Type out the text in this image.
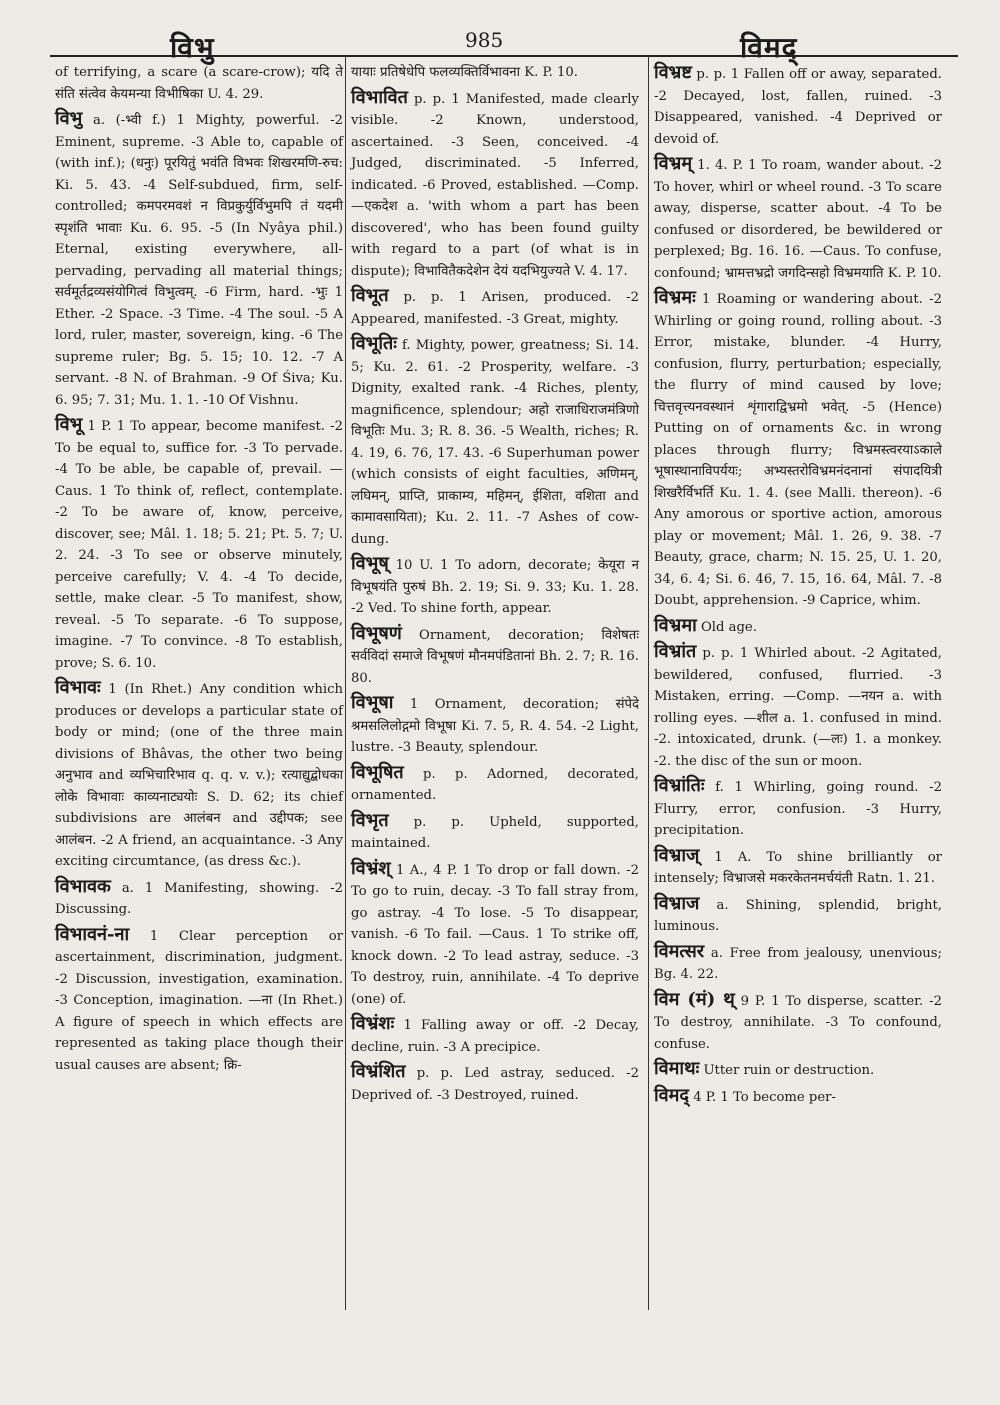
विभु	985	विमद्

of terrifying, a scare (a scare-crow); यदि ते संति संत्वेव केयमन्या विभीषिका U. 4. 29.

विभु a. (-भ्वी f.) 1 Mighty, powerful. -2 Eminent, supreme. -3 Able to, capable of (with inf.); (धनुः) पूरयितुं भवंति विभवः शिखरमणि-रुच: Ki. 5. 43. -4 Self-subdued, firm, self-controlled; कमपरमवशं न विप्रकुर्युर्विभुमपि तं यदमी स्पृशंति भावाः Ku. 6. 95. -5 (In Nyâya phil.) Eternal, existing everywhere, all-pervading, pervading all material things; सर्वमूर्तद्रव्यसंयोगित्वं विभुत्वम्. -6 Firm, hard. -भुः 1 Ether. -2 Space. -3 Time. -4 The soul. -5 A lord, ruler, master, sovereign, king. -6 The supreme ruler; Bg. 5. 15; 10. 12. -7 A servant. -8 N. of Brahman. -9 Of Śiva; Ku. 6. 95; 7. 31; Mu. 1. 1. -10 Of Vishnu.

विभू 1 P. 1 To appear, become manifest. -2 To be equal to, suffice for. -3 To pervade. -4 To be able, be capable of, prevail. —Caus. 1 To think of, reflect, contemplate. -2 To be aware of, know, perceive, discover, see; Mâl. 1. 18; 5. 21; Pt. 5. 7; U. 2. 24. -3 To see or observe minutely, perceive carefully; V. 4. -4 To decide, settle, make clear. -5 To manifest, show, reveal. -5 To separate. -6 To suppose, imagine. -7 To convince. -8 To establish, prove; S. 6. 10.

विभावः 1 (In Rhet.) Any condition which produces or develops a particular state of body or mind; (one of the three main divisions of Bhâvas, the other two being अनुभाव and व्यभिचारिभाव q. q. v. v.); रत्याद्युद्बोधका लोके विभावाः काव्यनाट्ययोः S. D. 62; its chief subdivisions are आलंबन and उद्दीपक; see आलंबन. -2 A friend, an acquaintance. -3 Any exciting circumtance, (as dress &c.).

विभावक a. 1 Manifesting, showing. -2 Discussing.

विभावनं-ना 1 Clear perception or ascertainment, discrimination, judgment. -2 Discussion, investigation, examination. -3 Conception, imagination. —ना (In Rhet.) A figure of speech in which effects are represented as taking place though their usual causes are absent; क्रि-

यायाः प्रतिषेधेपि फलव्यक्तिर्विभावना K. P. 10.

विभावित p. p. 1 Manifested, made clearly visible. -2 Known, understood, ascertained. -3 Seen, conceived. -4 Judged, discriminated. -5 Inferred, indicated. -6 Proved, established. —Comp. —एकदेश a. 'with whom a part has been discovered', who has been found guilty with regard to a part (of what is in dispute); विभावितैकदेशेन देयं यदभियुज्यते V. 4. 17.

विभूत p. p. 1 Arisen, produced. -2 Appeared, manifested. -3 Great, mighty.

विभूतिः f. Mighty, power, greatness; Si. 14. 5; Ku. 2. 61. -2 Prosperity, welfare. -3 Dignity, exalted rank. -4 Riches, plenty, magnificence, splendour; अहो राजाधिराजमंत्रिणो विभूतिः Mu. 3; R. 8. 36. -5 Wealth, riches; R. 4. 19, 6. 76, 17. 43. -6 Superhuman power (which consists of eight faculties, अणिमन्, लघिमन्, प्राप्ति, प्राकाम्य, महिमन्, ईशिता, वशिता and कामावसायिता); Ku. 2. 11. -7 Ashes of cow-dung.

विभूष् 10 U. 1 To adorn, decorate; केयूरा न विभूषयंति पुरुषं Bh. 2. 19; Si. 9. 33; Ku. 1. 28. -2 Ved. To shine forth, appear.

विभूषणं Ornament, decoration; विशेषतः सर्वविदां समाजे विभूषणं मौनमपंडितानां Bh. 2. 7; R. 16. 80.

विभूषा 1 Ornament, decoration; संपेदे श्रमसलिलोद्गमो विभूषा Ki. 7. 5, R. 4. 54. -2 Light, lustre. -3 Beauty, splendour.

विभूषित p. p. Adorned, decorated, ornamented.

विभृत p. p. Upheld, supported, maintained.

विभ्रंश् 1 A., 4 P. 1 To drop or fall down. -2 To go to ruin, decay. -3 To fall stray from, go astray. -4 To lose. -5 To disappear, vanish. -6 To fail. —Caus. 1 To strike off, knock down. -2 To lead astray, seduce. -3 To destroy, ruin, annihilate. -4 To deprive (one) of.

विभ्रंशः 1 Falling away or off. -2 Decay, decline, ruin. -3 A precipice.

विभ्रंशित p. p. Led astray, seduced. -2 Deprived of. -3 Destroyed, ruined.

विभ्रष्ट p. p. 1 Fallen off or away, separated. -2 Decayed, lost, fallen, ruined. -3 Disappeared, vanished. -4 Deprived or devoid of.

विभ्रम् 1. 4. P. 1 To roam, wander about. -2 To hover, whirl or wheel round. -3 To scare away, disperse, scatter about. -4 To be confused or disordered, be bewildered or perplexed; Bg. 16. 16. —Caus. To confuse, confound; भ्रामत्तभ्रद्रो जगदिन्सहो विभ्रमयाति K. P. 10.

विभ्रमः 1 Roaming or wandering about. -2 Whirling or going round, rolling about. -3 Error, mistake, blunder. -4 Hurry, confusion, flurry, perturbation; especially, the flurry of mind caused by love; चित्तवृत्त्यनवस्थानं शृंगाराद्विभ्रमो भवेत्. -5 (Hence) Putting on of ornaments &c. in wrong places through flurry; विभ्रमस्त्वरयाऽकाले भूषास्थानाविपर्ययः; अभ्यस्तरोविभ्रमनंदनानां संपादयित्री शिखरैर्विभर्ति Ku. 1. 4. (see Malli. thereon). -6 Any amorous or sportive action, amorous play or movement; Mâl. 1. 26, 9. 38. -7 Beauty, grace, charm; N. 15. 25, U. 1. 20, 34, 6. 4; Si. 6. 46, 7. 15, 16. 64, Mâl. 7. -8 Doubt, apprehension. -9 Caprice, whim.

विभ्रमा Old age.

विभ्रांत p. p. 1 Whirled about. -2 Agitated, bewildered, confused, flurried. -3 Mistaken, erring. —Comp. —नयन a. with rolling eyes. —शील a. 1. confused in mind. -2. intoxicated, drunk. (—लः) 1. a monkey. -2. the disc of the sun or moon.

विभ्रांतिः f. 1 Whirling, going round. -2 Flurry, error, confusion. -3 Hurry, precipitation.

विभ्राज् 1 A. To shine brilliantly or intensely; विभ्राजसे मकरकेतनमर्चयंती Ratn. 1. 21.

विभ्राज a. Shining, splendid, bright, luminous.

विमत्सर a. Free from jealousy, unenvious; Bg. 4. 22.

विम (मं) थ् 9 P. 1 To disperse, scatter. -2 To destroy, annihilate. -3 To confound, confuse.

विमाथः Utter ruin or destruction.

विमद् 4 P. 1 To become per-
